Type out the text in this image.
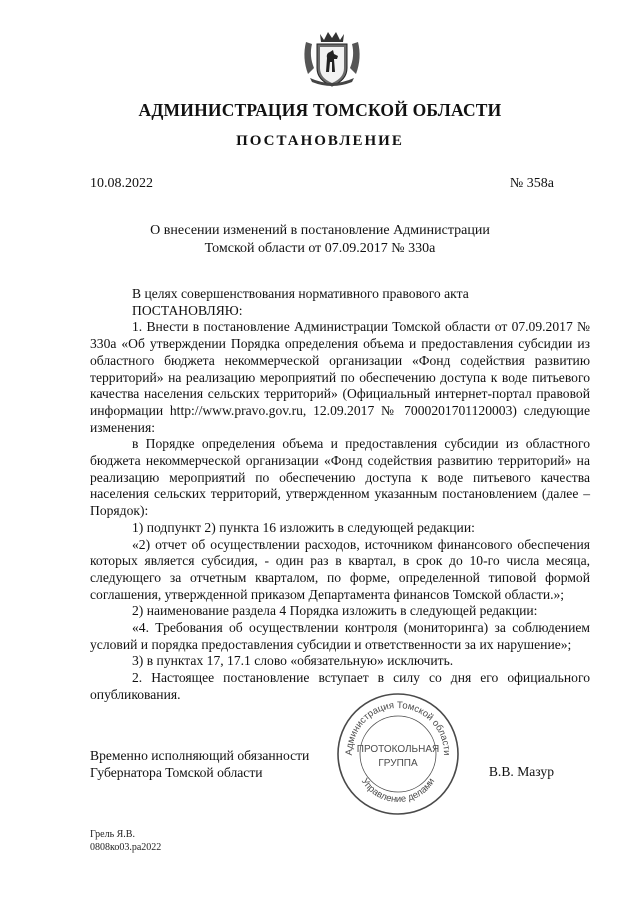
АДМИНИСТРАЦИЯ ТОМСКОЙ ОБЛАСТИ
ПОСТАНОВЛЕНИЕ
10.08.2022	№ 358а
О внесении изменений в постановление Администрации
Томской области от 07.09.2017 № 330а

В целях совершенствования нормативного правового акта

ПОСТАНОВЛЯЮ:

1. Внести в постановление Администрации Томской области от 07.09.2017 № 330а «Об утверждении Порядка определения объема и предоставления субсидии из областного бюджета некоммерческой организации «Фонд содействия развитию территорий» на реализацию мероприятий по обеспечению доступа к воде питьевого качества населения сельских территорий» (Официальный интернет-портал правовой информации http://www.pravo.gov.ru, 12.09.2017 № 7000201701120003) следующие изменения:

в Порядке определения объема и предоставления субсидии из областного бюджета некоммерческой организации «Фонд содействия развитию территорий» на реализацию мероприятий по обеспечению доступа к воде питьевого качества населения сельских территорий, утвержденном указанным постановлением (далее – Порядок):

1) подпункт 2) пункта 16 изложить в следующей редакции:

«2) отчет об осуществлении расходов, источником финансового обеспечения которых является субсидия, - один раз в квартал, в срок до 10-го числа месяца, следующего за отчетным кварталом, по форме, определенной типовой формой соглашения, утвержденной приказом Департамента финансов Томской области.»;

2) наименование раздела 4 Порядка изложить в следующей редакции:

«4. Требования об осуществлении контроля (мониторинга) за соблюдением условий и порядка предоставления субсидии и ответственности за их нарушение»;

3) в пунктах 17, 17.1 слово «обязательную» исключить.

2. Настоящее постановление вступает в силу со дня его официального опубликования.

Администрация Томской области
Управление делами
ПРОТОКОЛЬНАЯ
ГРУППА
Временно исполняющий обязанности
Губернатора Томской области	В.В. Мазур
Грель Я.В.
0808ко03.ра2022
